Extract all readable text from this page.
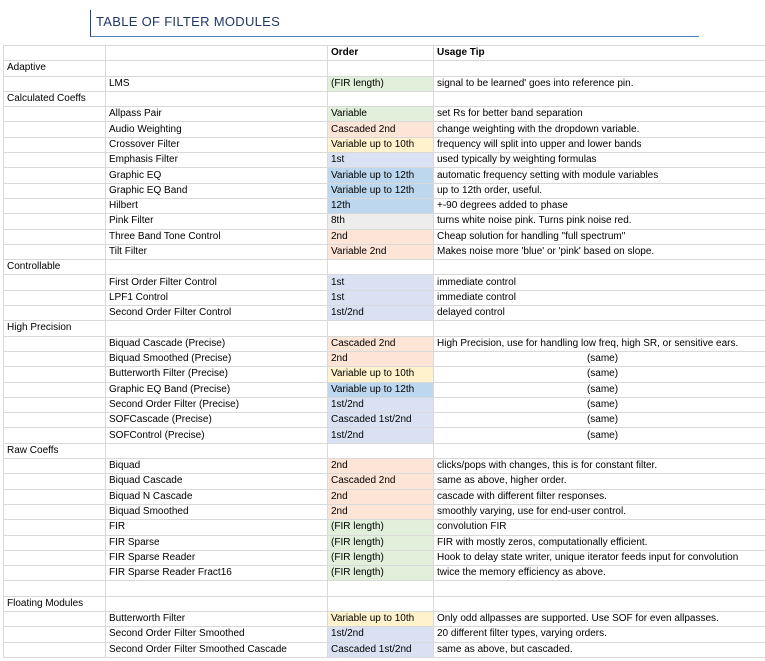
TABLE OF FILTER MODULES
		Order	Usage Tip
Adaptive			
	LMS	(FIR length)	signal to be learned' goes into reference pin.
Calculated Coeffs			
	Allpass Pair	Variable	set Rs for better band separation
	Audio Weighting	Cascaded 2nd	change weighting with the dropdown variable.
	Crossover Filter	Variable up to 10th	frequency will split into upper and lower bands
	Emphasis Filter	1st	used typically by weighting formulas
	Graphic EQ	Variable up to 12th	automatic frequency setting with module variables
	Graphic EQ Band	Variable up to 12th	up to 12th order, useful.
	Hilbert	12th	+-90 degrees added to phase
	Pink Filter	8th	turns white noise pink. Turns pink noise red.
	Three Band Tone Control	2nd	Cheap solution for handling "full spectrum"
	Tilt Filter	Variable 2nd	Makes noise more 'blue' or 'pink' based on slope.
Controllable			
	First Order Filter Control	1st	immediate control
	LPF1 Control	1st	immediate control
	Second Order Filter Control	1st/2nd	delayed control
High Precision			
	Biquad Cascade (Precise)	Cascaded 2nd	High Precision, use for handling low freq, high SR, or sensitive ears.
	Biquad Smoothed (Precise)	2nd	(same)
	Butterworth Filter (Precise)	Variable up to 10th	(same)
	Graphic EQ Band (Precise)	Variable up to 12th	(same)
	Second Order Filter (Precise)	1st/2nd	(same)
	SOFCascade (Precise)	Cascaded 1st/2nd	(same)
	SOFControl (Precise)	1st/2nd	(same)
Raw Coeffs			
	Biquad	2nd	clicks/pops with changes, this is for constant filter.
	Biquad Cascade	Cascaded 2nd	same as above, higher order.
	Biquad N Cascade	2nd	cascade with different filter responses.
	Biquad Smoothed	2nd	smoothly varying, use for end-user control.
	FIR	(FIR length)	convolution FIR
	FIR Sparse	(FIR length)	FIR with mostly zeros, computationally efficient.
	FIR Sparse Reader	(FIR length)	Hook to delay state writer, unique iterator feeds input for convolution
	FIR Sparse Reader Fract16	(FIR length)	twice the memory efficiency as above.

Floating Modules			
	Butterworth Filter	Variable up to 10th	Only odd allpasses are supported. Use SOF for even allpasses.
	Second Order Filter Smoothed	1st/2nd	20 different filter types, varying orders.
	Second Order Filter Smoothed Cascade	Cascaded 1st/2nd	same as above, but cascaded.
